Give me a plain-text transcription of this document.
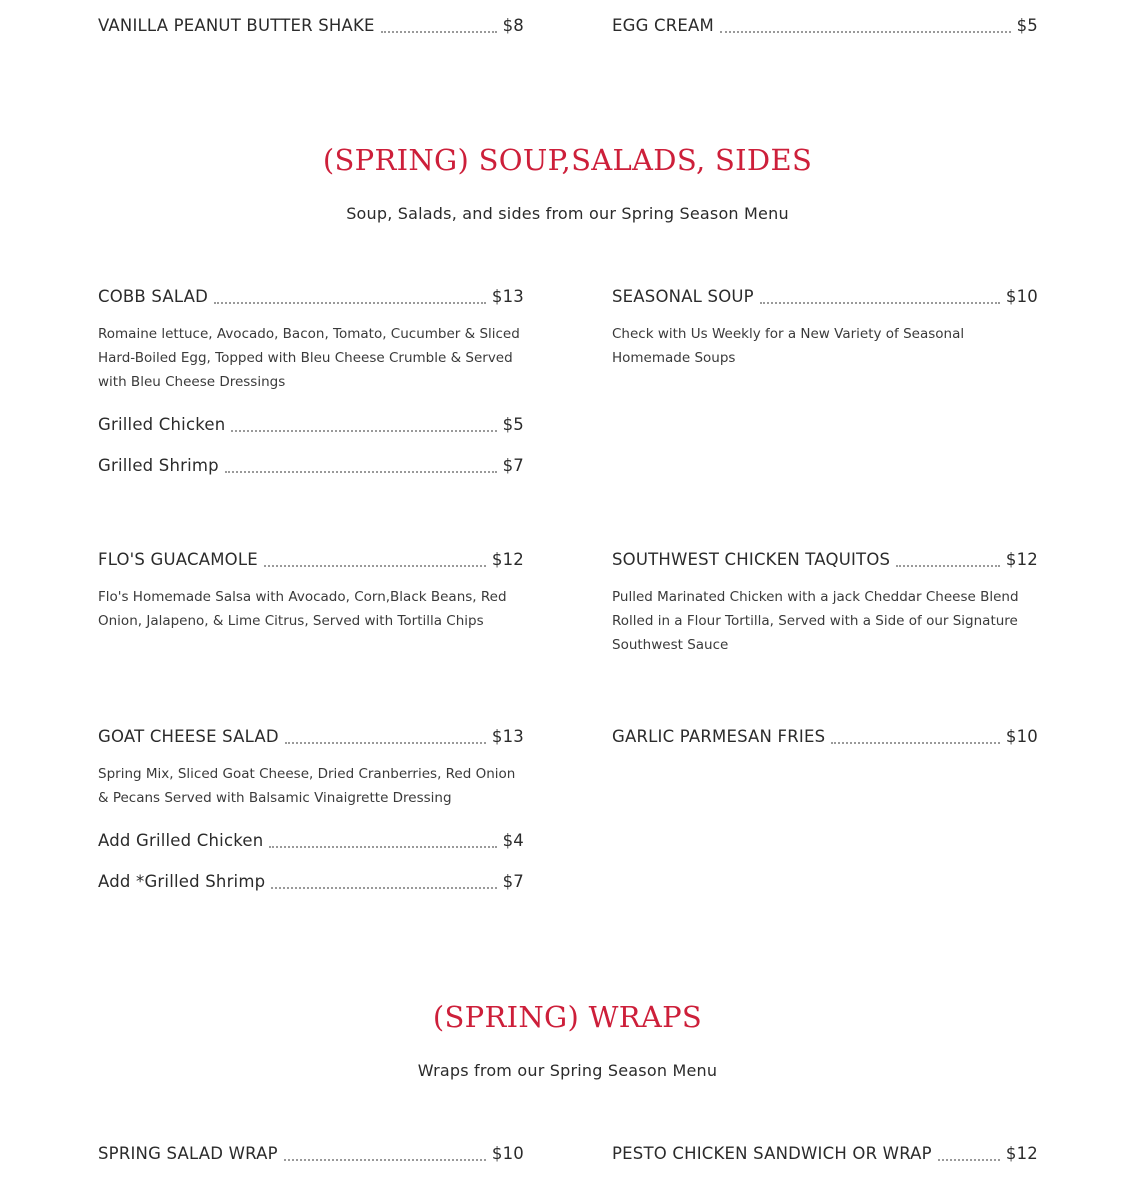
VANILLA PEANUT BUTTER SHAKE	$8	EGG CREAM	$5
(SPRING) SOUP,SALADS, SIDES
Soup, Salads, and sides from our Spring Season Menu
COBB SALAD	$13
Romaine lettuce, Avocado, Bacon, Tomato, Cucumber & Sliced Hard-Boiled Egg, Topped with Bleu Cheese Crumble & Served with Bleu Cheese Dressings
Grilled Chicken	$5
Grilled Shrimp	$7
SEASONAL SOUP	$10
Check with Us Weekly for a New Variety of Seasonal Homemade Soups
FLO'S GUACAMOLE	$12
Flo's Homemade Salsa with Avocado, Corn,Black Beans, Red Onion, Jalapeno, & Lime Citrus, Served with Tortilla Chips
SOUTHWEST CHICKEN TAQUITOS	$12
Pulled Marinated Chicken with a jack Cheddar Cheese Blend Rolled in a Flour Tortilla, Served with a Side of our Signature Southwest Sauce
GOAT CHEESE SALAD	$13
Spring Mix, Sliced Goat Cheese, Dried Cranberries, Red Onion & Pecans Served with Balsamic Vinaigrette Dressing
Add Grilled Chicken	$4
Add *Grilled Shrimp	$7
GARLIC PARMESAN FRIES	$10
(SPRING) WRAPS
Wraps from our Spring Season Menu
SPRING SALAD WRAP	$10	PESTO CHICKEN SANDWICH OR WRAP	$12
